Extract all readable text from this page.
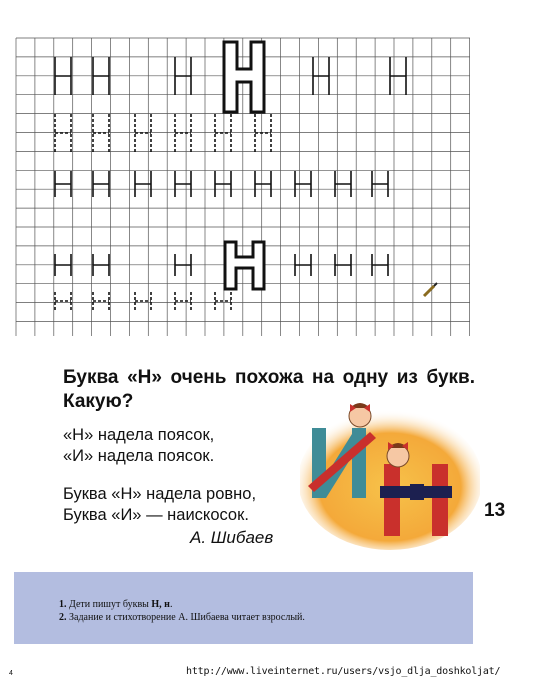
Н

Буква «Н» очень похожа на одну из букв. Какую?

«Н» надела поясок,
«И» надела поясок.
Буква «Н» надела ровно,
Буква «И» — наискосок.
А. Шибаев
13
1. Дети пишут буквы Н, н.
2. Задание и стихотворение А. Шибаева читает взрослый.
4	http://www.liveinternet.ru/users/vsjo_dlja_doshkoljat/
